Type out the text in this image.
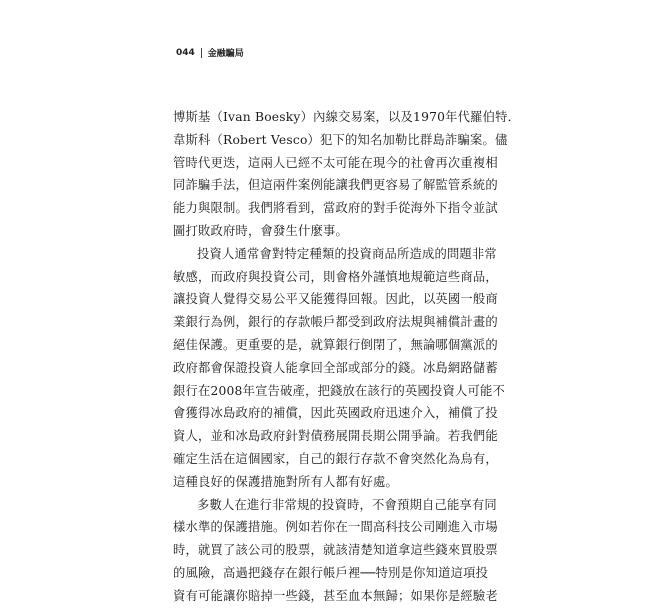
044 金融騙局
博斯基（Ivan Boesky）內線交易案，以及1970年代羅伯特．
韋斯科（Robert Vesco）犯下的知名加勒比群島詐騙案。儘
管時代更迭，這兩人已經不太可能在現今的社會再次重複相
同詐騙手法，但這兩件案例能讓我們更容易了解監管系統的
能力與限制。我們將看到，當政府的對手從海外下指令並試
圖打敗政府時，會發生什麼事。
投資人通常會對特定種類的投資商品所造成的問題非常
敏感，而政府與投資公司，則會格外謹慎地規範這些商品，
讓投資人覺得交易公平又能獲得回報。因此，以英國一般商
業銀行為例，銀行的存款帳戶都受到政府法規與補償計畫的
絕佳保護。更重要的是，就算銀行倒閉了，無論哪個黨派的
政府都會保證投資人能拿回全部或部分的錢。冰島網路儲蓄
銀行在2008年宣告破產，把錢放在該行的英國投資人可能不
會獲得冰島政府的補償，因此英國政府迅速介入，補償了投
資人，並和冰島政府針對債務展開長期公開爭論。若我們能
確定生活在這個國家，自己的銀行存款不會突然化為烏有，
這種良好的保護措施對所有人都有好處。
多數人在進行非常規的投資時，不會預期自己能享有同
樣水準的保護措施。例如若你在一間高科技公司剛進入市場
時，就買了該公司的股票，就該清楚知道拿這些錢來買股票
的風險，高過把錢存在銀行帳戶裡──特別是你知道這項投
資有可能讓你賠掉一些錢，甚至血本無歸；如果你是經驗老
